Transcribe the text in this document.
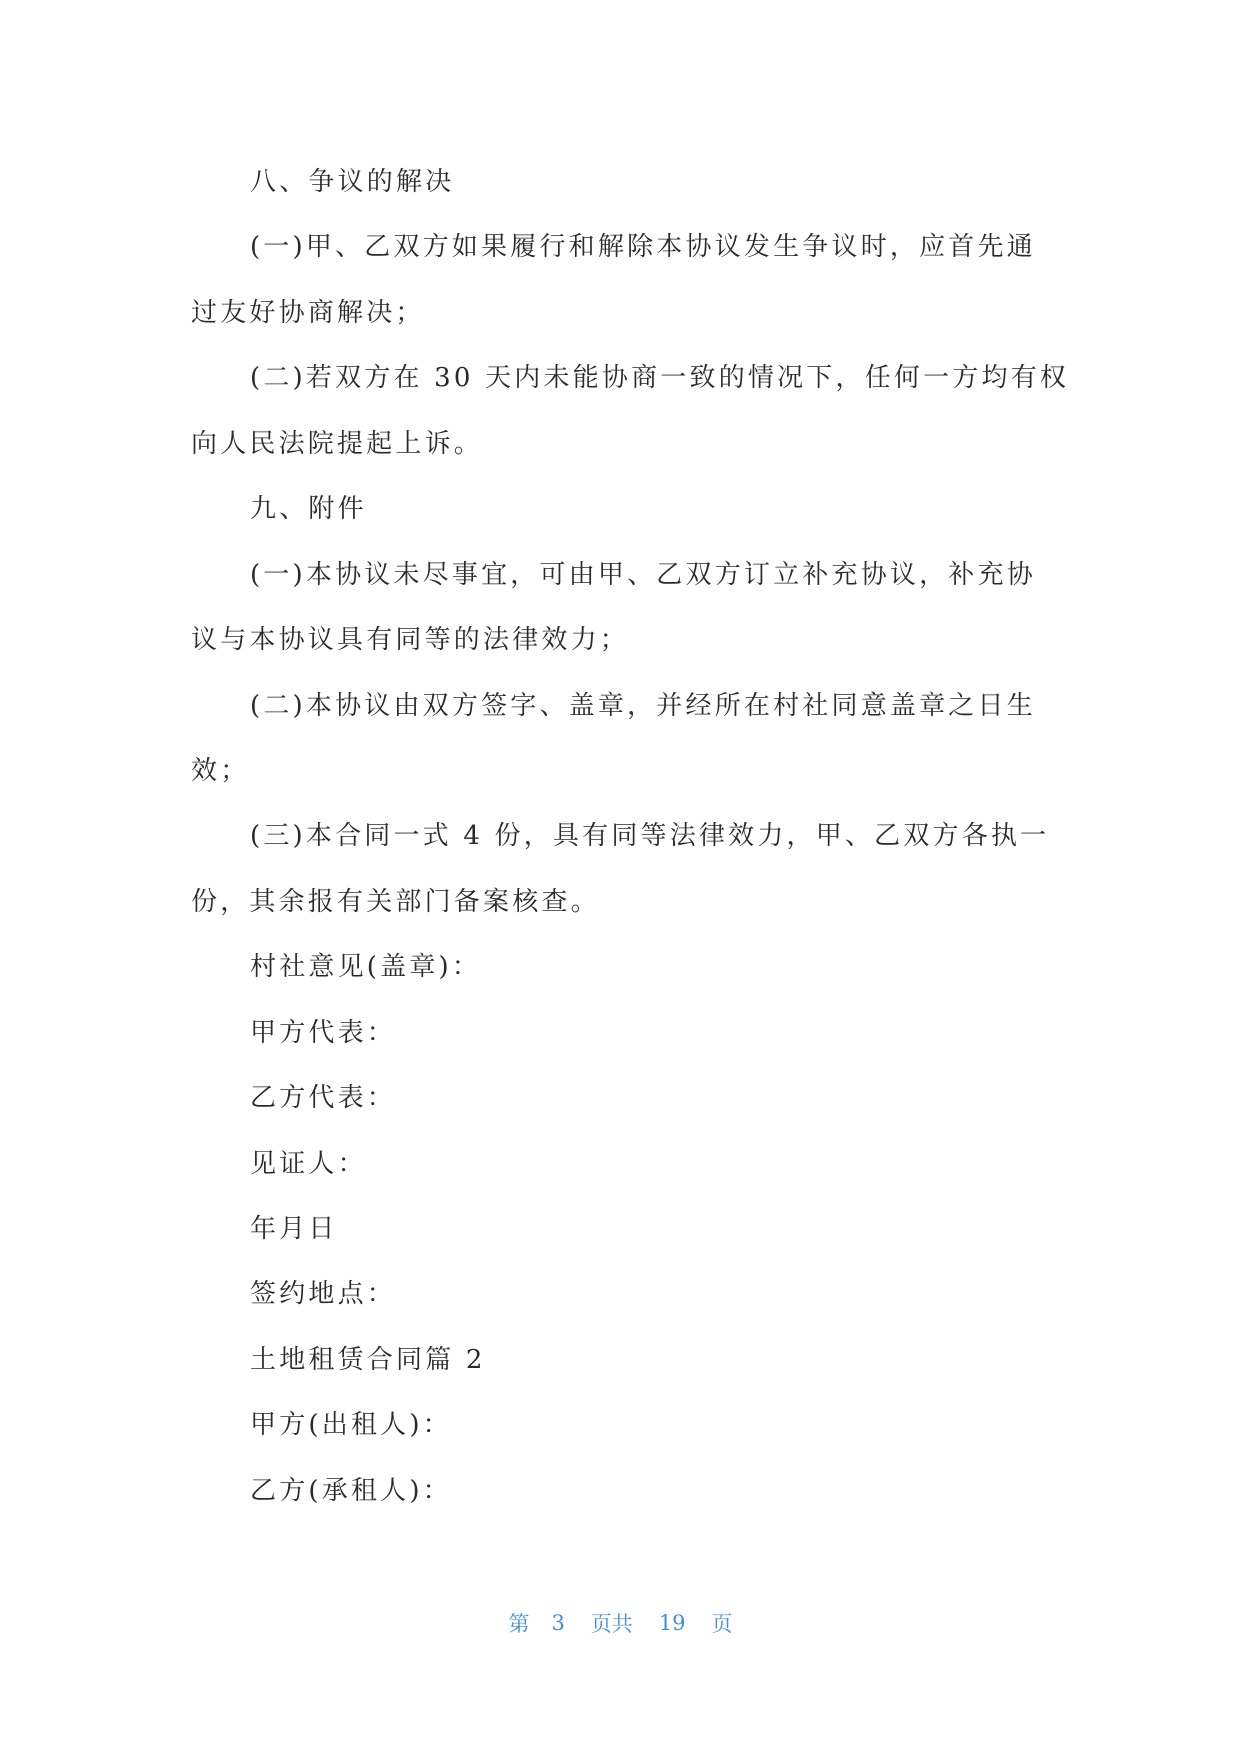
八、争议的解决
(一)甲、乙双方如果履行和解除本协议发生争议时，应首先通
过友好协商解决；
(二)若双方在 30 天内未能协商一致的情况下，任何一方均有权
向人民法院提起上诉。
九、附件
(一)本协议未尽事宜，可由甲、乙双方订立补充协议，补充协
议与本协议具有同等的法律效力；
(二)本协议由双方签字、盖章，并经所在村社同意盖章之日生
效；
(三)本合同一式 4 份，具有同等法律效力，甲、乙双方各执一
份，其余报有关部门备案核查。
村社意见(盖章)：
甲方代表：
乙方代表：
见证人：
年月日
签约地点：
土地租赁合同篇 2
甲方(出租人)：
乙方(承租人)：
第 3 页共 19 页
